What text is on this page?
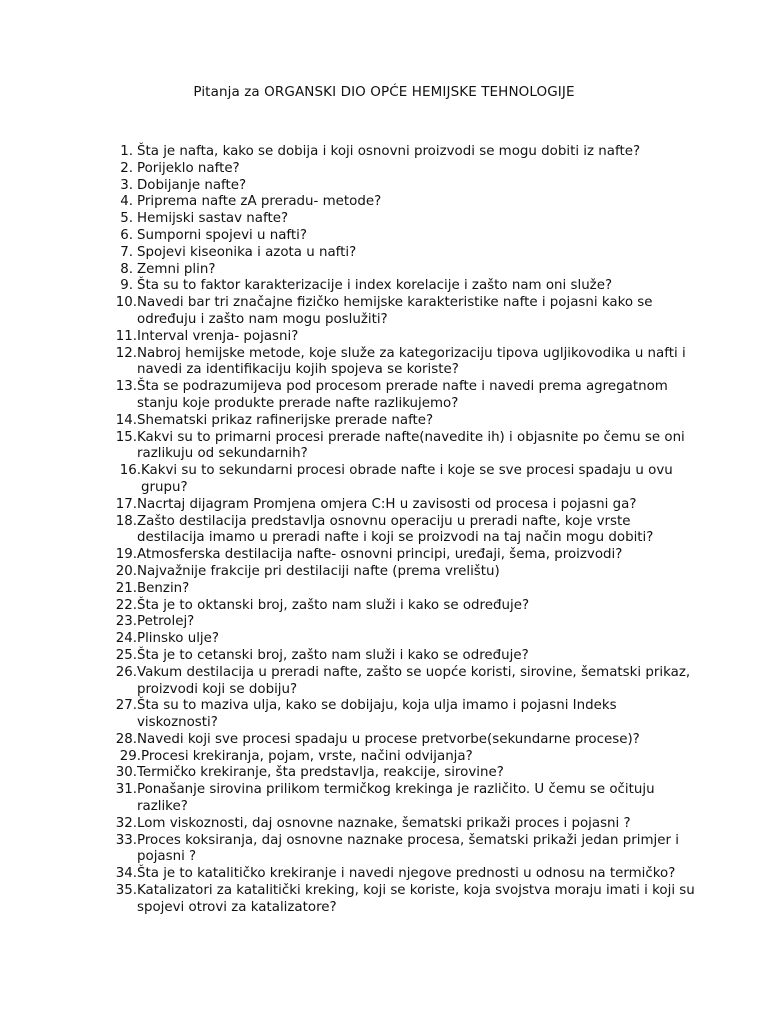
Pitanja za ORGANSKI DIO OPĆE HEMIJSKE TEHNOLOGIJE
1. Šta je nafta, kako se dobija i koji osnovni proizvodi se mogu dobiti iz nafte?
2. Porijeklo nafte?
3. Dobijanje nafte?
4. Priprema nafte zA preradu- metode?
5. Hemijski sastav nafte?
6. Sumporni spojevi u nafti?
7. Spojevi kiseonika i azota u nafti?
8. Zemni plin?
9. Šta su to faktor karakterizacije i index korelacije i zašto nam oni služe?
10. Navedi bar tri značajne fizičko hemijske karakteristike nafte i pojasni kako se određuju i zašto nam mogu poslužiti?
11. Interval vrenja- pojasni?
12. Nabroj hemijske metode, koje služe za kategorizaciju tipova ugljikovodika u nafti i navedi za identifikaciju kojih spojeva se koriste?
13. Šta se podrazumijeva pod procesom prerade nafte i navedi prema agregatnom stanju koje produkte prerade nafte razlikujemo?
14. Shematski prikaz rafinerijske prerade nafte?
15. Kakvi su to primarni procesi prerade nafte(navedite ih) i objasnite po čemu se oni razlikuju od sekundarnih?
16. Kakvi su to sekundarni procesi obrade nafte i koje se sve procesi spadaju u ovu grupu?
17. Nacrtaj dijagram Promjena omjera C:H u zavisosti od procesa i pojasni ga?
18. Zašto destilacija predstavlja osnovnu operaciju u preradi nafte, koje vrste destilacija imamo u preradi nafte i koji se proizvodi na taj način mogu dobiti?
19. Atmosferska destilacija nafte- osnovni principi, uređaji, šema, proizvodi?
20. Najvažnije frakcije pri destilaciji nafte (prema vrelištu)
21. Benzin?
22. Šta je to oktanski broj, zašto nam služi i kako se određuje?
23. Petrolej?
24. Plinsko ulje?
25. Šta je to cetanski broj, zašto nam služi i kako se određuje?
26. Vakum destilacija u preradi nafte, zašto se uopće koristi, sirovine, šematski prikaz, proizvodi koji se dobiju?
27. Šta su to maziva ulja, kako se dobijaju, koja ulja imamo i pojasni Indeks viskoznosti?
28. Navedi koji sve procesi spadaju u procese pretvorbe(sekundarne procese)?
29. Procesi krekiranja, pojam, vrste, načini odvijanja?
30. Termičko krekiranje, šta predstavlja, reakcije, sirovine?
31. Ponašanje sirovina prilikom termičkog krekinga je različito. U čemu se očituju razlike?
32. Lom viskoznosti, daj osnovne naznake, šematski prikaži proces i pojasni ?
33. Proces koksiranja, daj osnovne naznake procesa, šematski prikaži jedan primjer i pojasni ?
34. Šta je to katalitičko krekiranje i navedi njegove prednosti u odnosu na termičko?
35. Katalizatori za katalitički kreking, koji se koriste, koja svojstva moraju imati i koji su spojevi otrovi za katalizatore?
